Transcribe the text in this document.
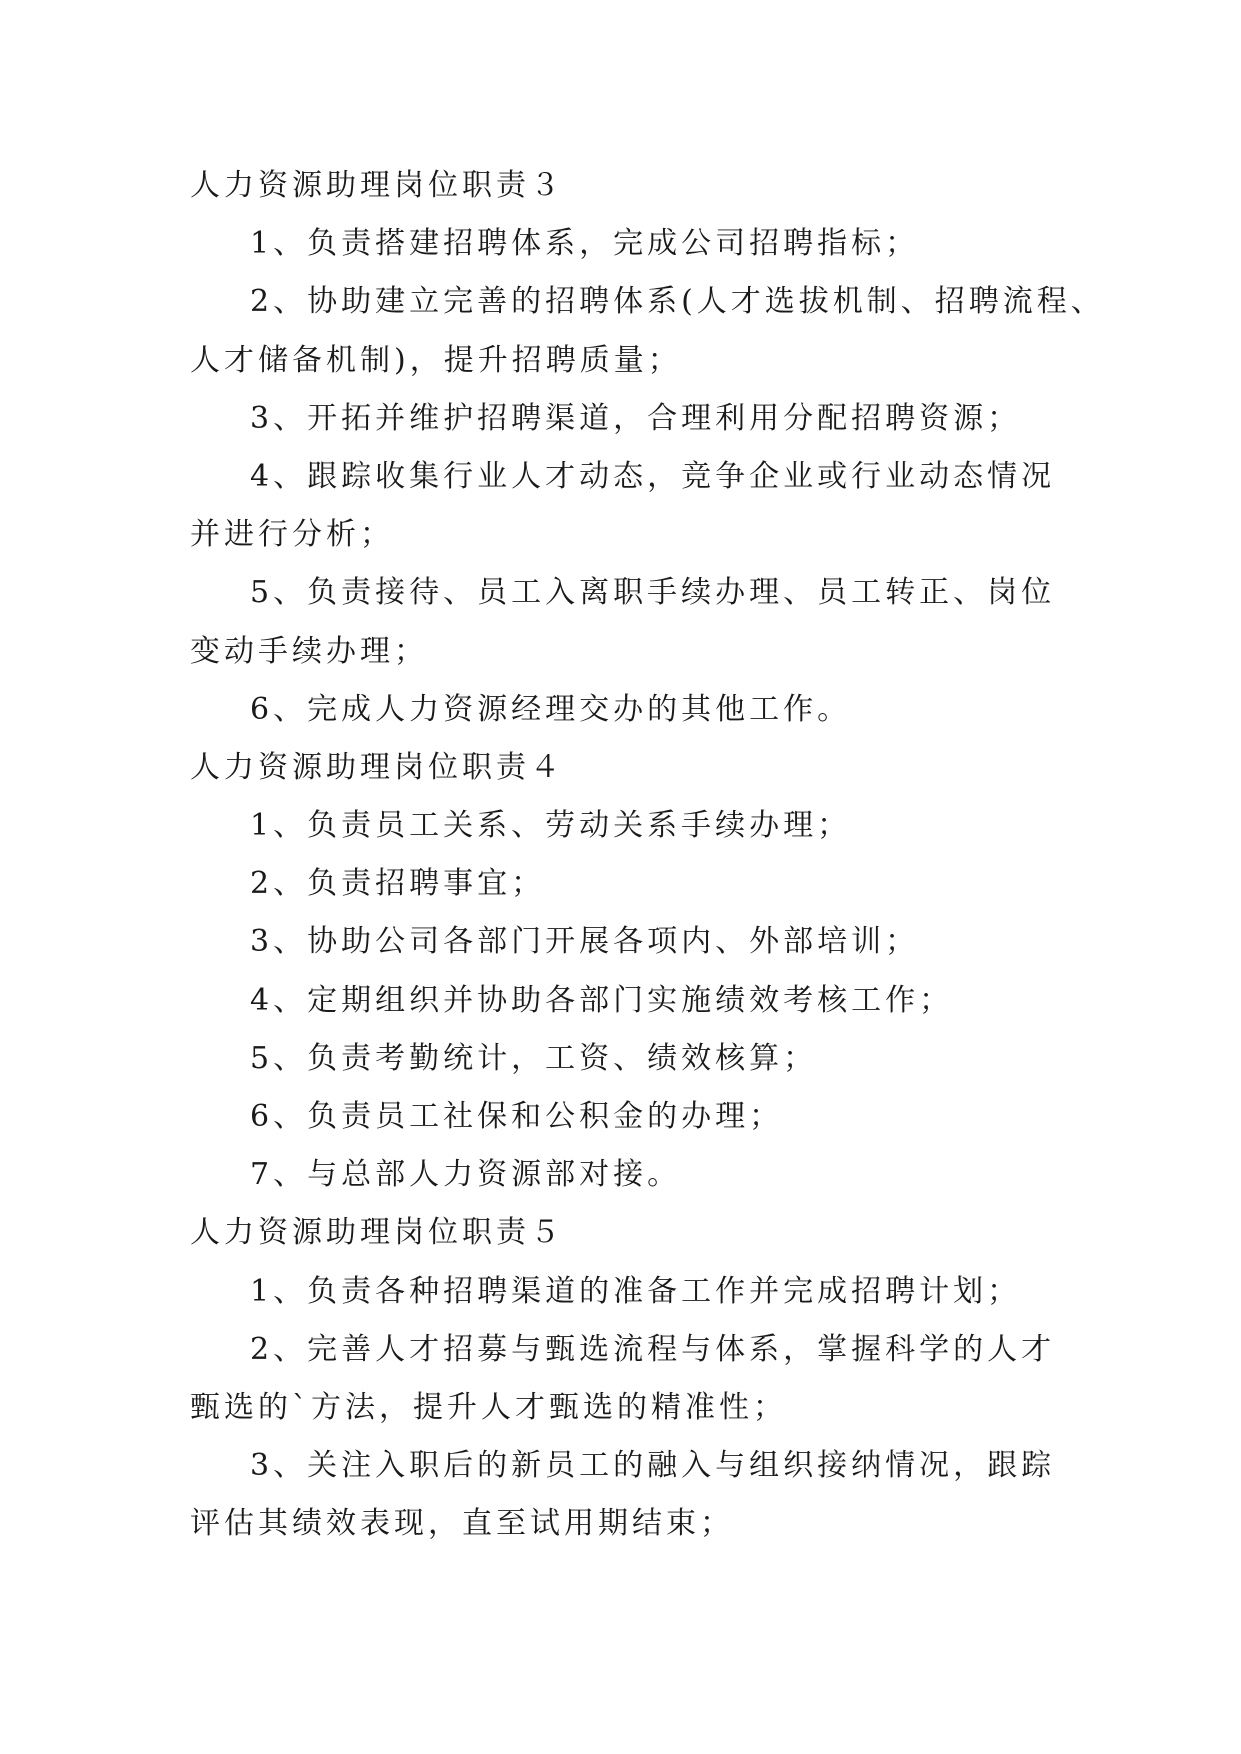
人力资源助理岗位职责３
1、负责搭建招聘体系，完成公司招聘指标；
2、协助建立完善的招聘体系(人才选拔机制、招聘流程、
人才储备机制)，提升招聘质量；
3、开拓并维护招聘渠道，合理利用分配招聘资源；
4、跟踪收集行业人才动态，竞争企业或行业动态情况
并进行分析；
5、负责接待、员工入离职手续办理、员工转正、岗位
变动手续办理；
6、完成人力资源经理交办的其他工作。
人力资源助理岗位职责４
1、负责员工关系、劳动关系手续办理；
2、负责招聘事宜；
3、协助公司各部门开展各项内、外部培训；
4、定期组织并协助各部门实施绩效考核工作；
5、负责考勤统计，工资、绩效核算；
6、负责员工社保和公积金的办理；
7、与总部人力资源部对接。
人力资源助理岗位职责５
1、负责各种招聘渠道的准备工作并完成招聘计划；
2、完善人才招募与甄选流程与体系，掌握科学的人才
甄选的`方法，提升人才甄选的精准性；
3、关注入职后的新员工的融入与组织接纳情况，跟踪
评估其绩效表现，直至试用期结束；
